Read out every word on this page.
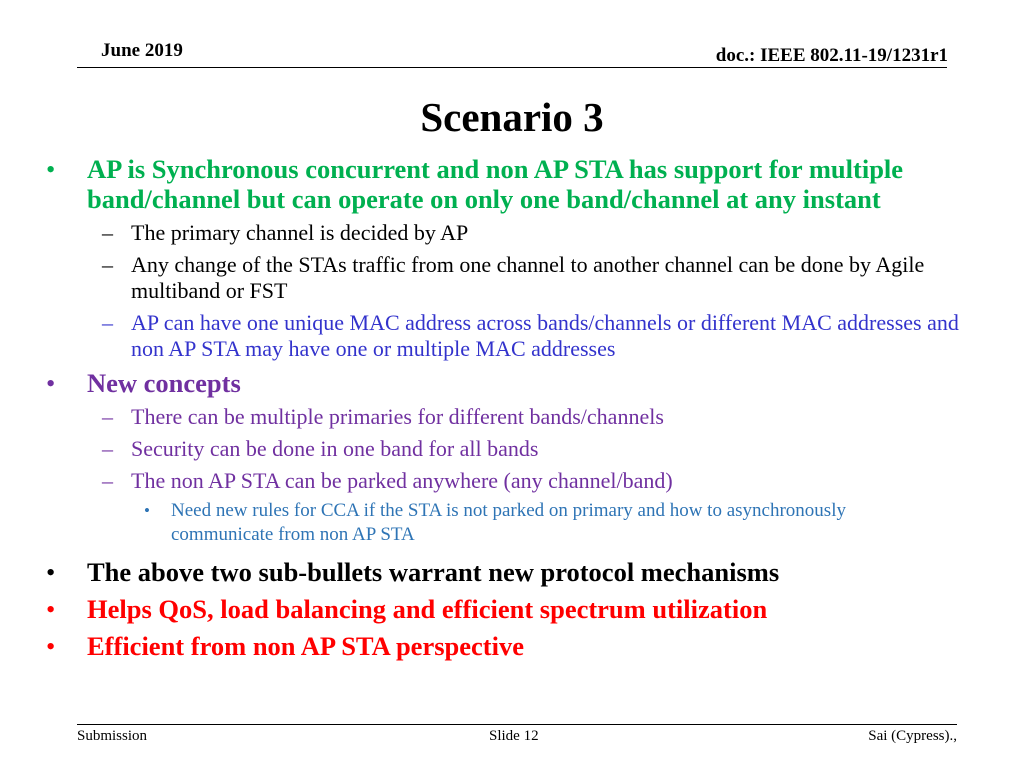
June 2019	doc.: IEEE 802.11-19/1231r1
Scenario 3
• AP is Synchronous concurrent and non AP STA has support for multiple band/channel but can operate on only one band/channel at any instant
– The primary channel is decided by AP
– Any change of the STAs traffic from one channel to another channel can be done by Agile multiband or FST
– AP can have one unique MAC address across bands/channels or different MAC addresses and non AP STA may have one or multiple MAC addresses
• New concepts
– There can be multiple primaries for different bands/channels
– Security can be done in one band for all bands
– The non AP STA can be parked anywhere (any channel/band)
• Need new rules for CCA if the STA is not parked on primary and how to asynchronously communicate from non AP STA
• The above two sub-bullets warrant new protocol mechanisms
• Helps QoS, load balancing and efficient spectrum utilization
• Efficient from non AP STA perspective
Submission	Slide 12	Sai (Cypress).,
